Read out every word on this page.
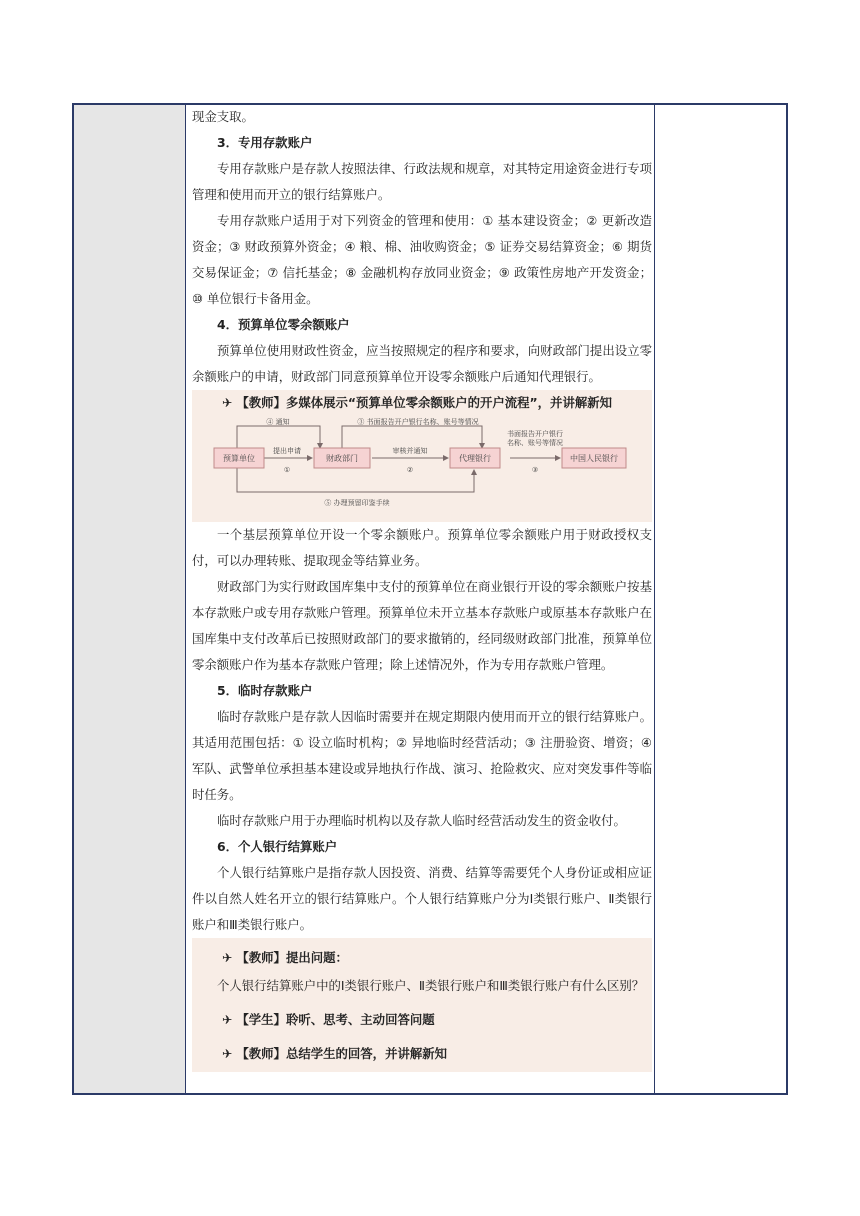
现金支取。

3．专用存款账户

专用存款账户是存款人按照法律、行政法规和规章，对其特定用途资金进行专项管理和使用而开立的银行结算账户。

专用存款账户适用于对下列资金的管理和使用：① 基本建设资金；② 更新改造资金；③ 财政预算外资金；④ 粮、棉、油收购资金；⑤ 证券交易结算资金；⑥ 期货交易保证金；⑦ 信托基金；⑧ 金融机构存放同业资金；⑨ 政策性房地产开发资金；⑩ 单位银行卡备用金。

4．预算单位零余额账户

预算单位使用财政性资金，应当按照规定的程序和要求，向财政部门提出设立零余额账户的申请，财政部门同意预算单位开设零余额账户后通知代理银行。

✈ 【教师】多媒体展示“预算单位零余额账户的开户流程”，并讲解新知

预算单位	财政部门	代理银行	中国人民银行
④ 通知	③ 书面报告开户银行名称、账号等情况
提出申请
①
审核并通知
②
书面报告开户银行
名称、账号等情况
③
⑤ 办理预留印鉴手续

一个基层预算单位开设一个零余额账户。预算单位零余额账户用于财政授权支付，可以办理转账、提取现金等结算业务。

财政部门为实行财政国库集中支付的预算单位在商业银行开设的零余额账户按基本存款账户或专用存款账户管理。预算单位未开立基本存款账户或原基本存款账户在国库集中支付改革后已按照财政部门的要求撤销的，经同级财政部门批准，预算单位零余额账户作为基本存款账户管理；除上述情况外，作为专用存款账户管理。

5．临时存款账户

临时存款账户是存款人因临时需要并在规定期限内使用而开立的银行结算账户。其适用范围包括：① 设立临时机构；② 异地临时经营活动；③ 注册验资、增资；④ 军队、武警单位承担基本建设或异地执行作战、演习、抢险救灾、应对突发事件等临时任务。

临时存款账户用于办理临时机构以及存款人临时经营活动发生的资金收付。

6．个人银行结算账户

个人银行结算账户是指存款人因投资、消费、结算等需要凭个人身份证或相应证件以自然人姓名开立的银行结算账户。个人银行结算账户分为Ⅰ类银行账户、Ⅱ类银行账户和Ⅲ类银行账户。

✈ 【教师】提出问题：

个人银行结算账户中的Ⅰ类银行账户、Ⅱ类银行账户和Ⅲ类银行账户有什么区别？

✈ 【学生】聆听、思考、主动回答问题

✈ 【教师】总结学生的回答，并讲解新知
